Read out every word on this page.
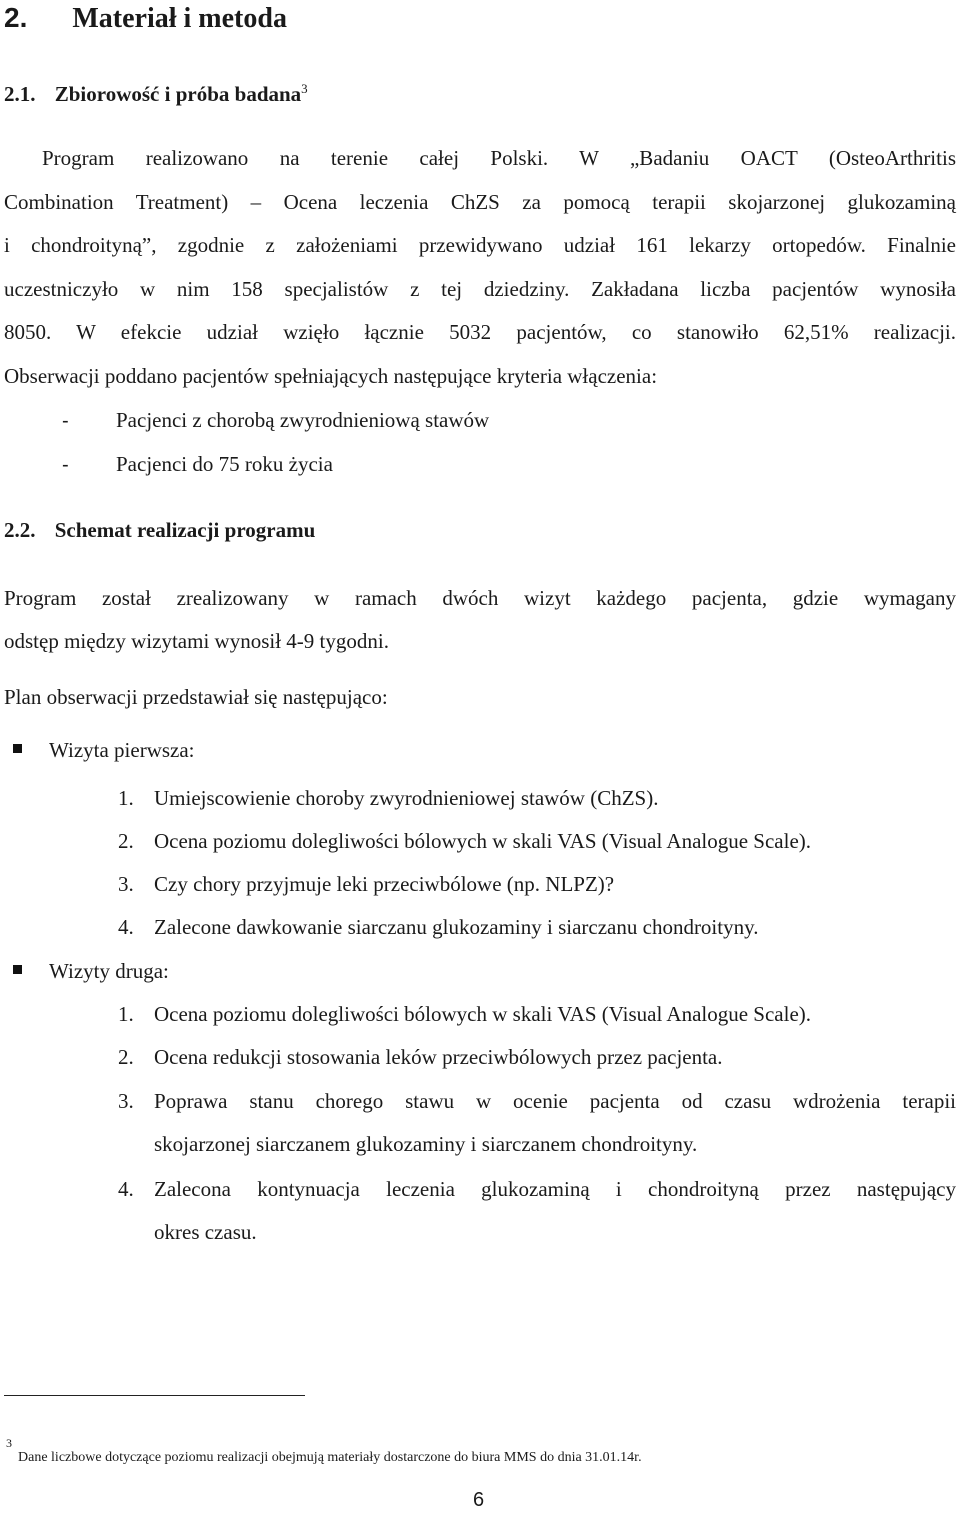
2. Materiał i metoda
2.1. Zbiorowość i próba badana$^3$
Program realizowano na terenie całej Polski. W „Badaniu OACT (OsteoArthritis
Combination Treatment) – Ocena leczenia ChZS za pomocą terapii skojarzonej glukozaminą
i chondroityną”, zgodnie z założeniami przewidywano udział 161 lekarzy ortopedów. Finalnie
uczestniczyło w nim 158 specjalistów z tej dziedziny. Zakładana liczba pacjentów wynosiła
8050. W efekcie udział wzięło łącznie 5032 pacjentów, co stanowiło 62,51% realizacji.
Obserwacji poddano pacjentów spełniających następujące kryteria włączenia:
- Pacjenci z chorobą zwyrodnieniową stawów
- Pacjenci do 75 roku życia
2.2. Schemat realizacji programu
Program został zrealizowany w ramach dwóch wizyt każdego pacjenta, gdzie wymagany
odstęp między wizytami wynosił 4-9 tygodni.
Plan obserwacji przedstawiał się następująco:
Wizyta pierwsza:
1. Umiejscowienie choroby zwyrodnieniowej stawów (ChZS).
2. Ocena poziomu dolegliwości bólowych w skali VAS (Visual Analogue Scale).
3. Czy chory przyjmuje leki przeciwbólowe (np. NLPZ)?
4. Zalecone dawkowanie siarczanu glukozaminy i siarczanu chondroityny.
Wizyty druga:
1. Ocena poziomu dolegliwości bólowych w skali VAS (Visual Analogue Scale).
2. Ocena redukcji stosowania leków przeciwbólowych przez pacjenta.
3. Poprawa stanu chorego stawu w ocenie pacjenta od czasu wdrożenia terapii
skojarzonej siarczanem glukozaminy i siarczanem chondroityny.
4. Zalecona kontynuacja leczenia glukozaminą i chondroityną przez następujący
okres czasu.
3
Dane liczbowe dotyczące poziomu realizacji obejmują materiały dostarczone do biura MMS do dnia 31.01.14r.
6
